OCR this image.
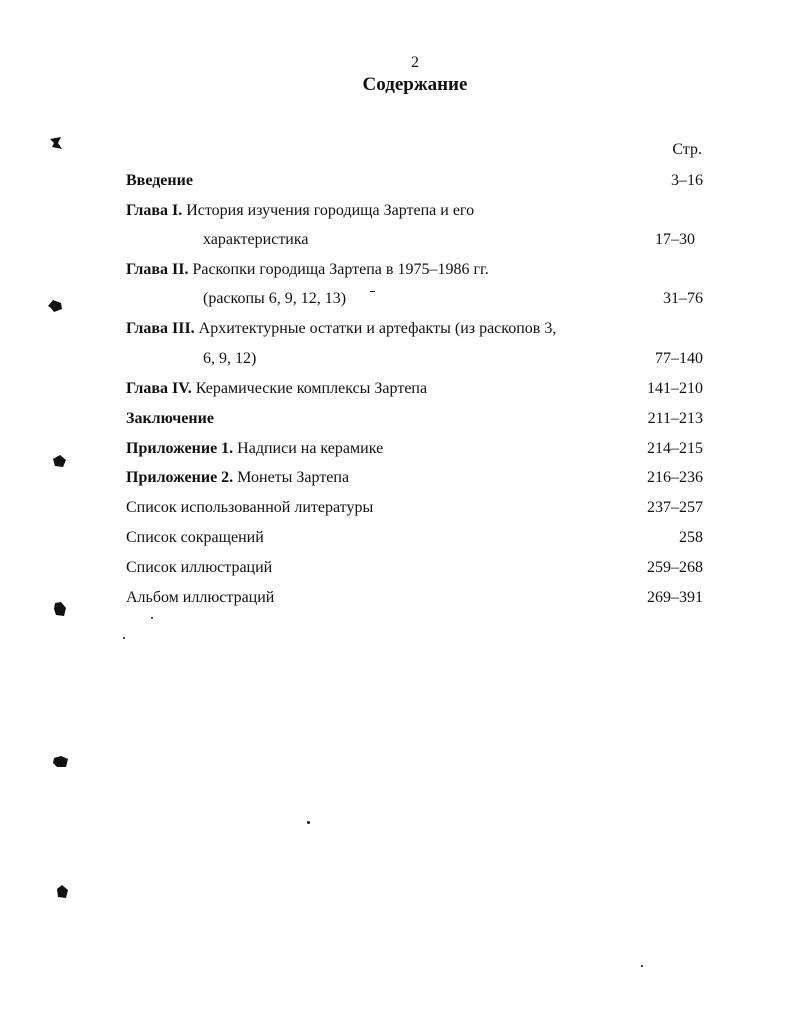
2
Содержание
Стр.
Введение	3–16
Глава I. История изучения городища Зартепа и его
характеристика	17–30
Глава II. Раскопки городища Зартепа в 1975–1986 гг.
(раскопы 6, 9, 12, 13)	31–76
Глава III. Архитектурные остатки и артефакты (из раскопов 3,
6, 9, 12)	77–140
Глава IV. Керамические комплексы Зартепа	141–210
Заключение	211–213
Приложение 1. Надписи на керамике	214–215
Приложение 2. Монеты Зартепа	216–236
Список использованной литературы	237–257
Список сокращений	258
Список иллюстраций	259–268
Альбом иллюстраций	269–391
